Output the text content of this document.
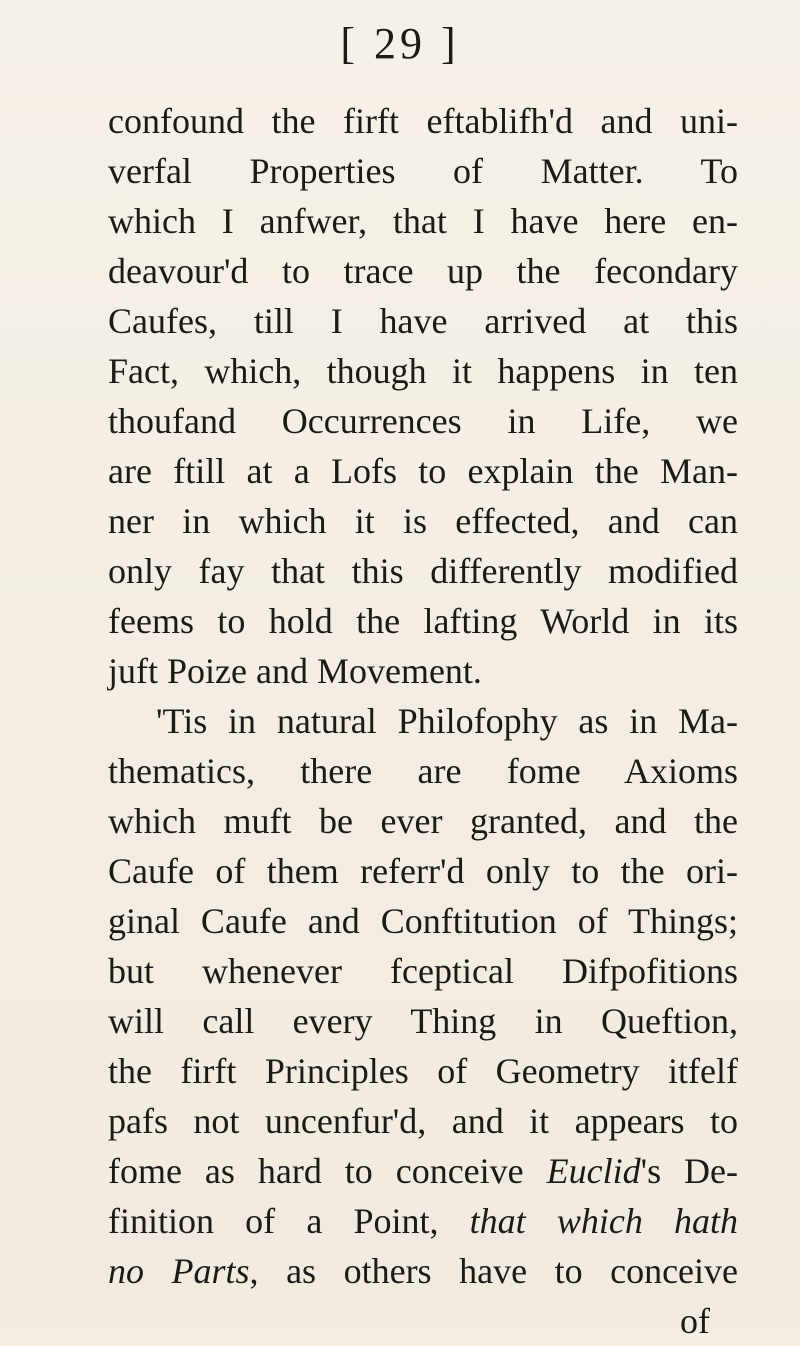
[ 29 ]
confound the firft eftablifh'd and uni-
verfal Properties of Matter. To
which I anfwer, that I have here en-
deavour'd to trace up the fecondary
Caufes, till I have arrived at this
Fact, which, though it happens in ten
thoufand Occurrences in Life, we
are ftill at a Lofs to explain the Man-
ner in which it is effected, and can
only fay that this differently modified
feems to hold the lafting World in its
juft Poize and Movement.
'Tis in natural Philofophy as in Ma-
thematics, there are fome Axioms
which muft be ever granted, and the
Caufe of them referr'd only to the ori-
ginal Caufe and Conftitution of Things;
but whenever fceptical Difpofitions
will call every Thing in Queftion,
the firft Principles of Geometry itfelf
pafs not uncenfur'd, and it appears to
fome as hard to conceive Euclid's De-
finition of a Point, that which hath
no Parts, as others have to conceive
of
